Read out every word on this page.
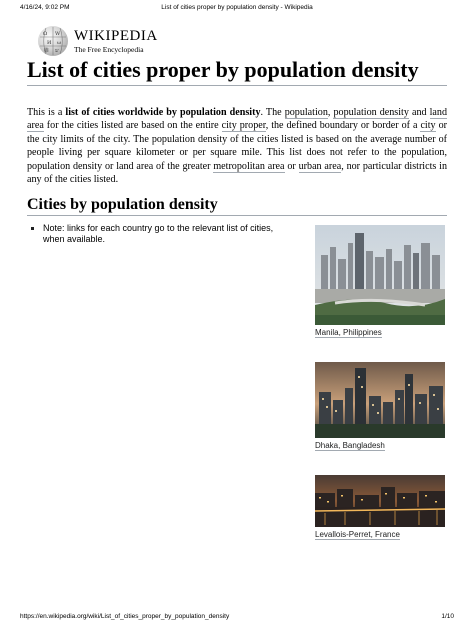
4/16/24, 9:02 PM	List of cities proper by population density - Wikipedia
Ω W
И ω
維 ש
WIKIPEDIA
The Free Encyclopedia
List of cities proper by population density

This is a list of cities worldwide by population density. The population, population density and land area for the cities listed are based on the entire city proper, the defined boundary or border of a city or the city limits of the city. The population density of the cities listed is based on the average number of people living per square kilometer or per square mile. This list does not refer to the population, population density or land area of the greater metropolitan area or urban area, nor particular districts in any of the cities listed.

Cities by population density
Note: links for each country go to the relevant list of cities, when available.
Manila, Philippines
Dhaka, Bangladesh
Levallois-Perret, France
https://en.wikipedia.org/wiki/List_of_cities_proper_by_population_density	1/10
